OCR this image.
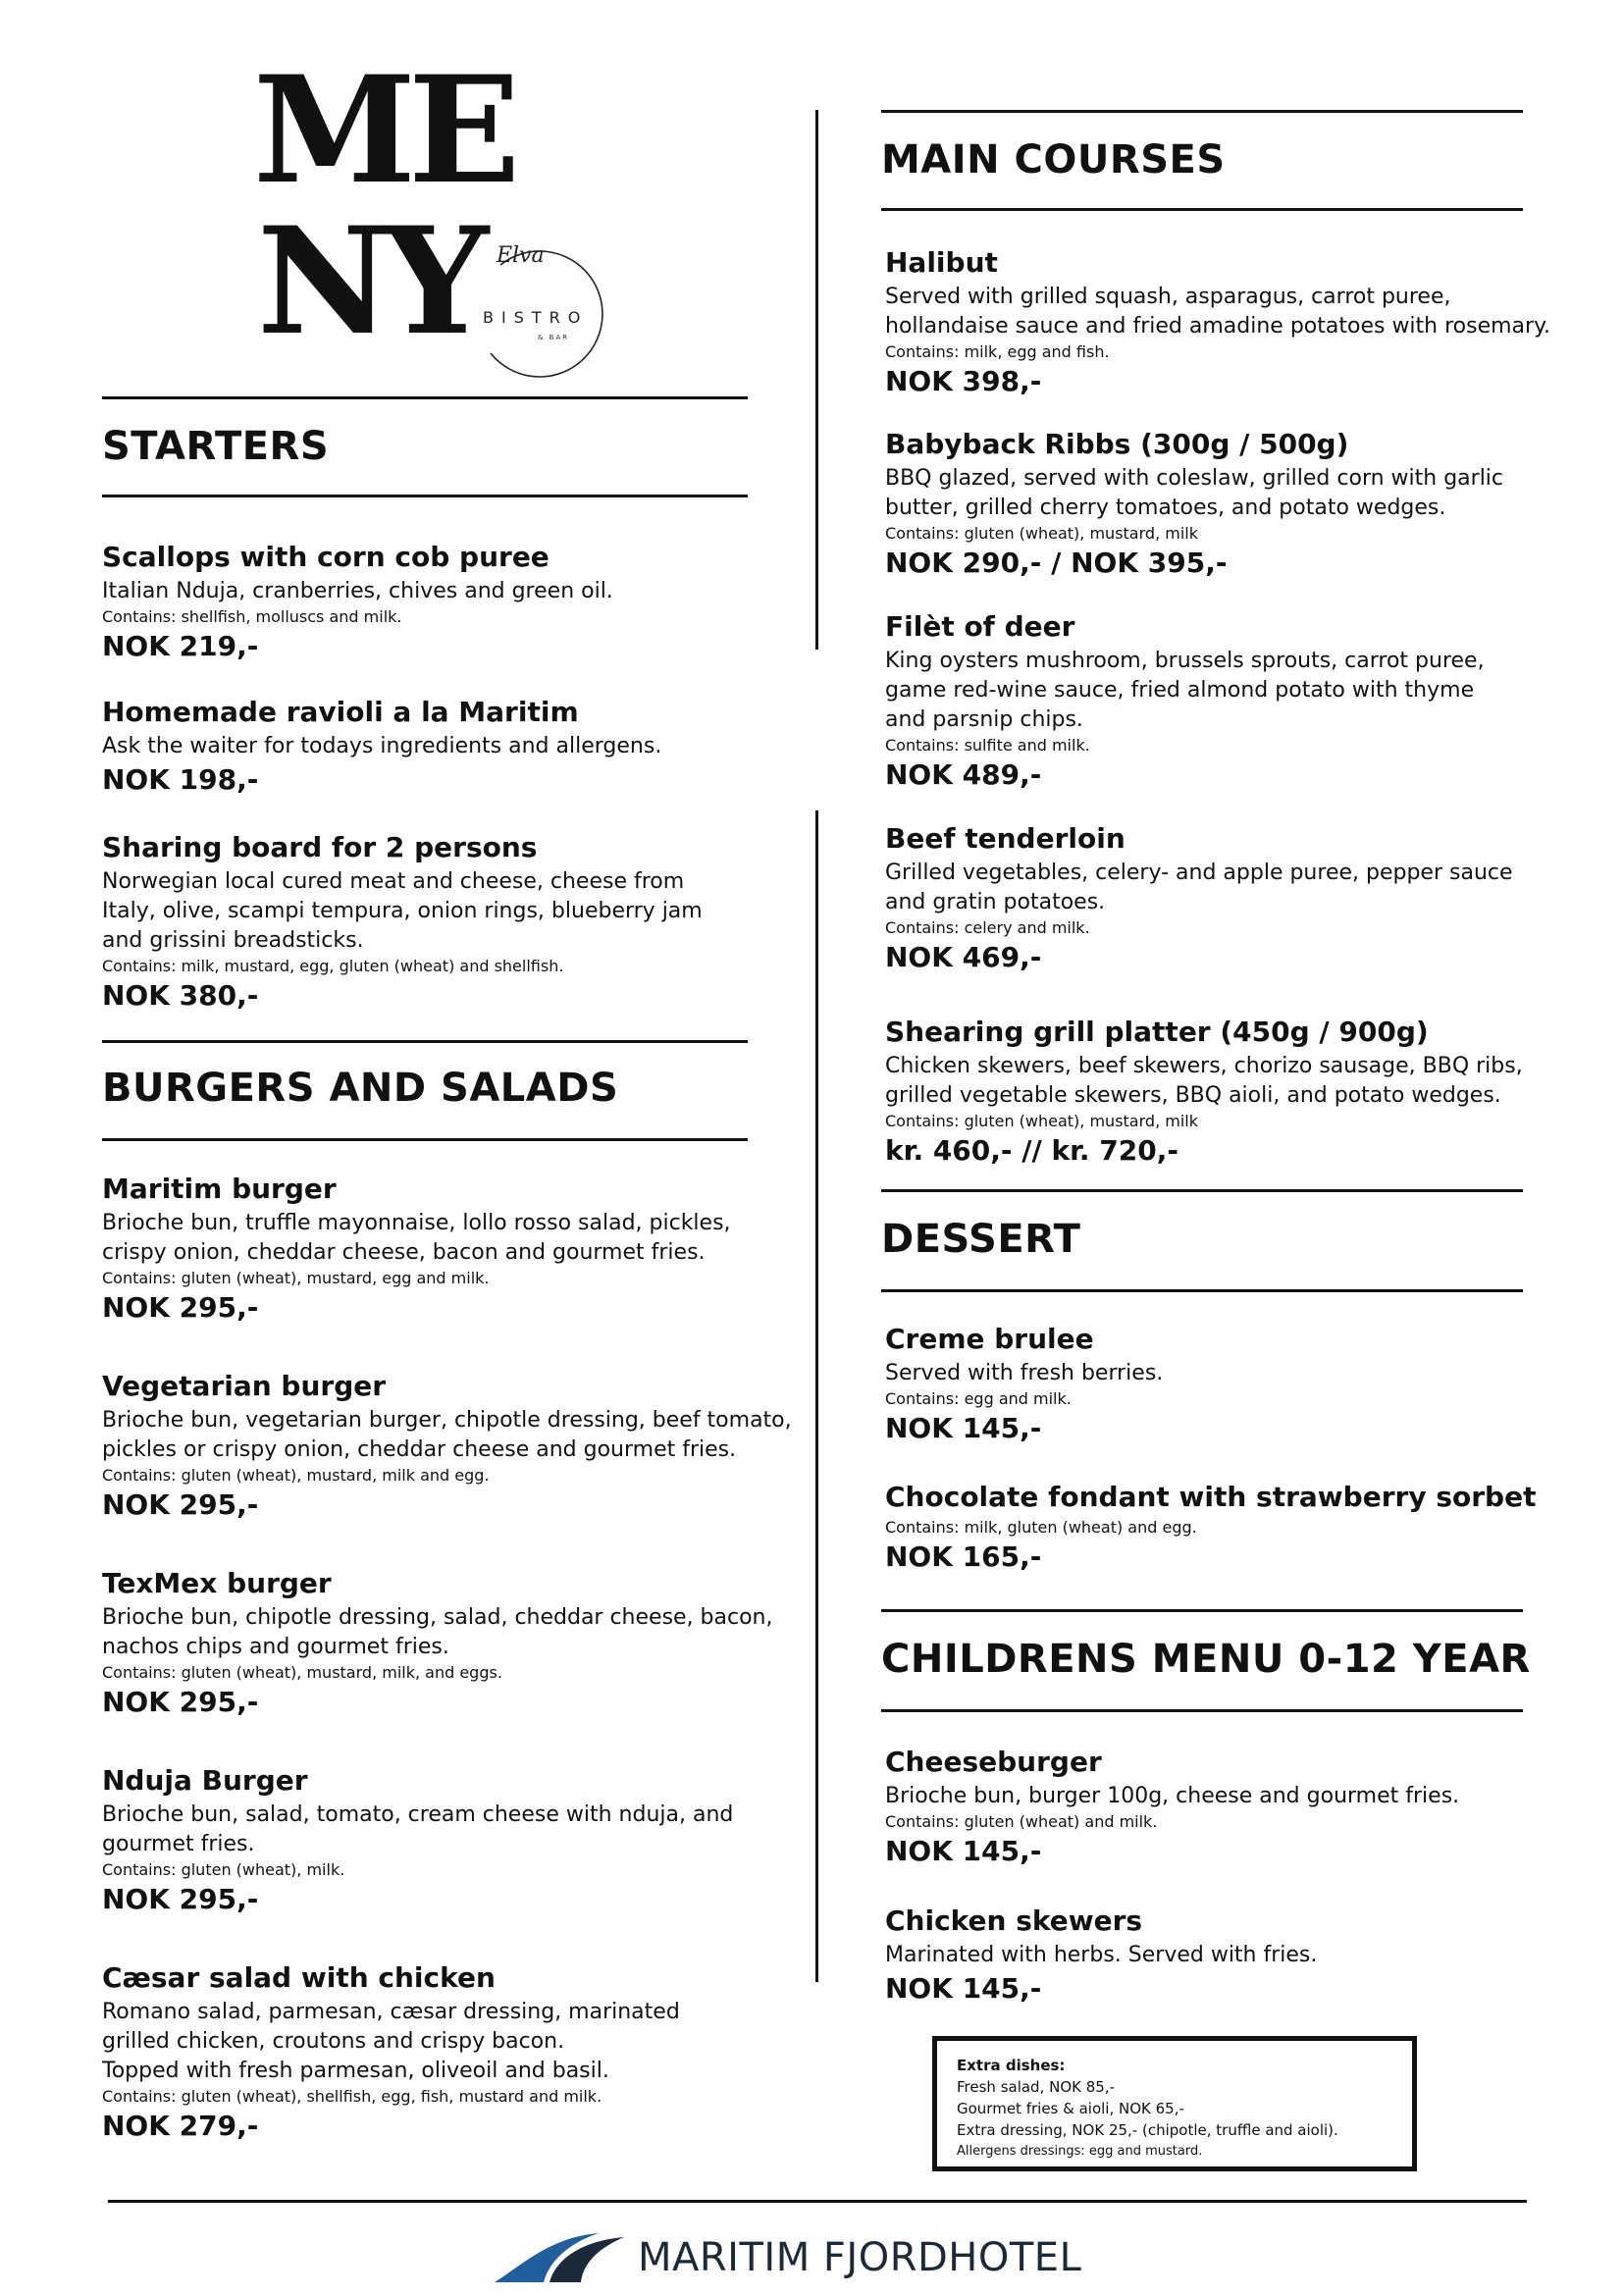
ME
NY Elva
BISTRO
& BAR
STARTERS
Scallops with corn cob puree
Italian Nduja, cranberries, chives and green oil.
Contains: shellfish, molluscs and milk.
NOK 219,-
Homemade ravioli a la Maritim
Ask the waiter for todays ingredients and allergens.
NOK 198,-
Sharing board for 2 persons
Norwegian local cured meat and cheese, cheese from
Italy, olive, scampi tempura, onion rings, blueberry jam
and grissini breadsticks.
Contains: milk, mustard, egg, gluten (wheat) and shellfish.
NOK 380,-
BURGERS AND SALADS
Maritim burger
Brioche bun, truffle mayonnaise, lollo rosso salad, pickles,
crispy onion, cheddar cheese, bacon and gourmet fries.
Contains: gluten (wheat), mustard, egg and milk.
NOK 295,-
Vegetarian burger
Brioche bun, vegetarian burger, chipotle dressing, beef tomato,
pickles or crispy onion, cheddar cheese and gourmet fries.
Contains: gluten (wheat), mustard, milk and egg.
NOK 295,-
TexMex burger
Brioche bun, chipotle dressing, salad, cheddar cheese, bacon,
nachos chips and gourmet fries.
Contains: gluten (wheat), mustard, milk, and eggs.
NOK 295,-
Nduja Burger
Brioche bun, salad, tomato, cream cheese with nduja, and
gourmet fries.
Contains: gluten (wheat), milk.
NOK 295,-
Cæsar salad with chicken
Romano salad, parmesan, cæsar dressing, marinated
grilled chicken, croutons and crispy bacon.
Topped with fresh parmesan, oliveoil and basil.
Contains: gluten (wheat), shellfish, egg, fish, mustard and milk.
NOK 279,-
MAIN COURSES
Halibut
Served with grilled squash, asparagus, carrot puree,
hollandaise sauce and fried amadine potatoes with rosemary.
Contains: milk, egg and fish.
NOK 398,-
Babyback Ribbs (300g / 500g)
BBQ glazed, served with coleslaw, grilled corn with garlic
butter, grilled cherry tomatoes, and potato wedges.
Contains: gluten (wheat), mustard, milk
NOK 290,- / NOK 395,-
Filèt of deer
King oysters mushroom, brussels sprouts, carrot puree,
game red-wine sauce, fried almond potato with thyme
and parsnip chips.
Contains: sulfite and milk.
NOK 489,-
Beef tenderloin
Grilled vegetables, celery- and apple puree, pepper sauce
and gratin potatoes.
Contains: celery and milk.
NOK 469,-
Shearing grill platter (450g / 900g)
Chicken skewers, beef skewers, chorizo sausage, BBQ ribs,
grilled vegetable skewers, BBQ aioli, and potato wedges.
Contains: gluten (wheat), mustard, milk
kr. 460,- // kr. 720,-
DESSERT
Creme brulee
Served with fresh berries.
Contains: egg and milk.
NOK 145,-
Chocolate fondant with strawberry sorbet
Contains: milk, gluten (wheat) and egg.
NOK 165,-
CHILDRENS MENU 0-12 YEAR
Cheeseburger
Brioche bun, burger 100g, cheese and gourmet fries.
Contains: gluten (wheat) and milk.
NOK 145,-
Chicken skewers
Marinated with herbs. Served with fries.
NOK 145,-
Extra dishes:
Fresh salad, NOK 85,-
Gourmet fries & aioli, NOK 65,-
Extra dressing, NOK 25,- (chipotle, truffle and aioli).
Allergens dressings: egg and mustard.
MARITIM FJORDHOTEL
